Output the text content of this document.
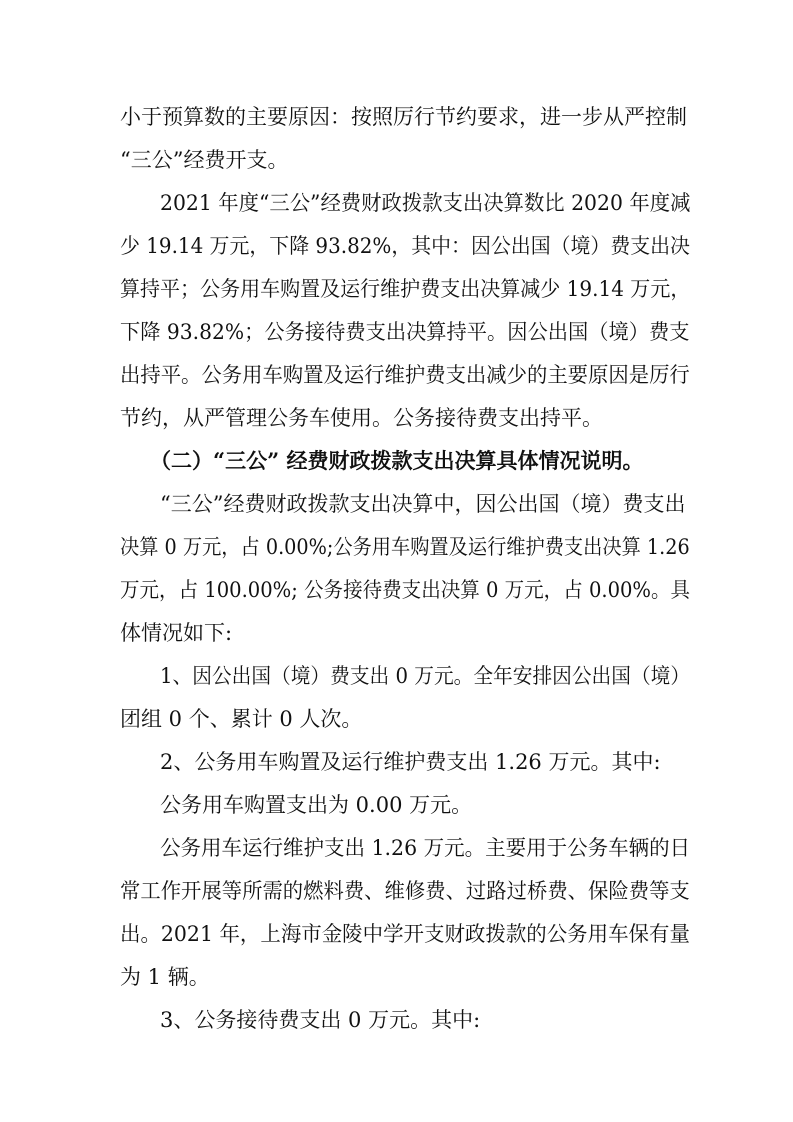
小于预算数的主要原因：按照厉行节约要求，进一步从严控制
“三公”经费开支。
2021 年度“三公”经费财政拨款支出决算数比 2020 年度减
少 19.14 万元，下降 93.82%，其中：因公出国（境）费支出决
算持平；公务用车购置及运行维护费支出决算减少 19.14 万元，
下降 93.82%；公务接待费支出决算持平。因公出国（境）费支
出持平。公务用车购置及运行维护费支出减少的主要原因是厉行
节约，从严管理公务车使用。公务接待费支出持平。
（二）“三公” 经费财政拨款支出决算具体情况说明。
“三公”经费财政拨款支出决算中，因公出国（境）费支出
决算 0 万元，占 0.00%;公务用车购置及运行维护费支出决算 1.26
万元，占 100.00%; 公务接待费支出决算 0 万元，占 0.00%。具
体情况如下:
1、因公出国（境）费支出 0 万元。全年安排因公出国（境）
团组 0 个、累计 0 人次。
2、公务用车购置及运行维护费支出 1.26 万元。其中:
公务用车购置支出为 0.00 万元。
公务用车运行维护支出 1.26 万元。主要用于公务车辆的日
常工作开展等所需的燃料费、维修费、过路过桥费、保险费等支
出。2021 年，上海市金陵中学开支财政拨款的公务用车保有量
为 1 辆。
3、公务接待费支出 0 万元。其中:
